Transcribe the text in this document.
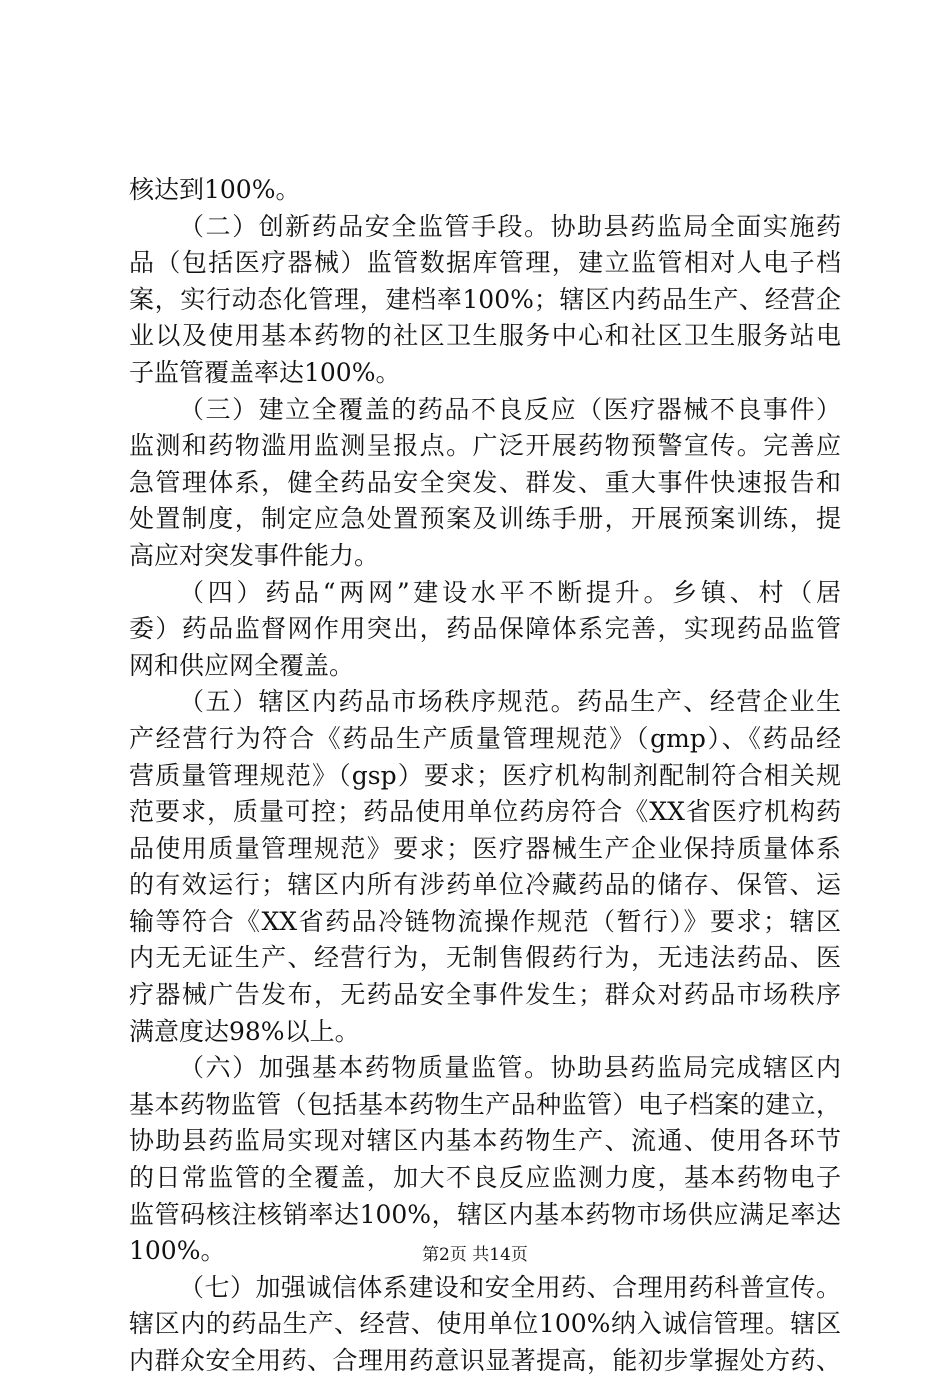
核达到100%。
（二）创新药品安全监管手段。协助县药监局全面实施药
品（包括医疗器械）监管数据库管理，建立监管相对人电子档
案，实行动态化管理，建档率100%；辖区内药品生产、经营企
业以及使用基本药物的社区卫生服务中心和社区卫生服务站电
子监管覆盖率达100%。
（三）建立全覆盖的药品不良反应（医疗器械不良事件）
监测和药物滥用监测呈报点。广泛开展药物预警宣传。完善应
急管理体系，健全药品安全突发、群发、重大事件快速报告和
处置制度，制定应急处置预案及训练手册，开展预案训练，提
高应对突发事件能力。
（四）药品“两网”建设水平不断提升。乡镇、村（居
委）药品监督网作用突出，药品保障体系完善，实现药品监管
网和供应网全覆盖。
（五）辖区内药品市场秩序规范。药品生产、经营企业生
产经营行为符合《药品生产质量管理规范》（gmp）、《药品经
营质量管理规范》（gsp）要求；医疗机构制剂配制符合相关规
范要求，质量可控；药品使用单位药房符合《XX省医疗机构药
品使用质量管理规范》要求；医疗器械生产企业保持质量体系
的有效运行；辖区内所有涉药单位冷藏药品的储存、保管、运
输等符合《XX省药品冷链物流操作规范（暂行）》要求；辖区
内无无证生产、经营行为，无制售假药行为，无违法药品、医
疗器械广告发布，无药品安全事件发生；群众对药品市场秩序
满意度达98%以上。
（六）加强基本药物质量监管。协助县药监局完成辖区内
基本药物监管（包括基本药物生产品种监管）电子档案的建立，
协助县药监局实现对辖区内基本药物生产、流通、使用各环节
的日常监管的全覆盖，加大不良反应监测力度，基本药物电子
监管码核注核销率达100%，辖区内基本药物市场供应满足率达
100%。
（七）加强诚信体系建设和安全用药、合理用药科普宣传。
辖区内的药品生产、经营、使用单位100%纳入诚信管理。辖区
内群众安全用药、合理用药意识显著提高，能初步掌握处方药、
第2页 共14页
